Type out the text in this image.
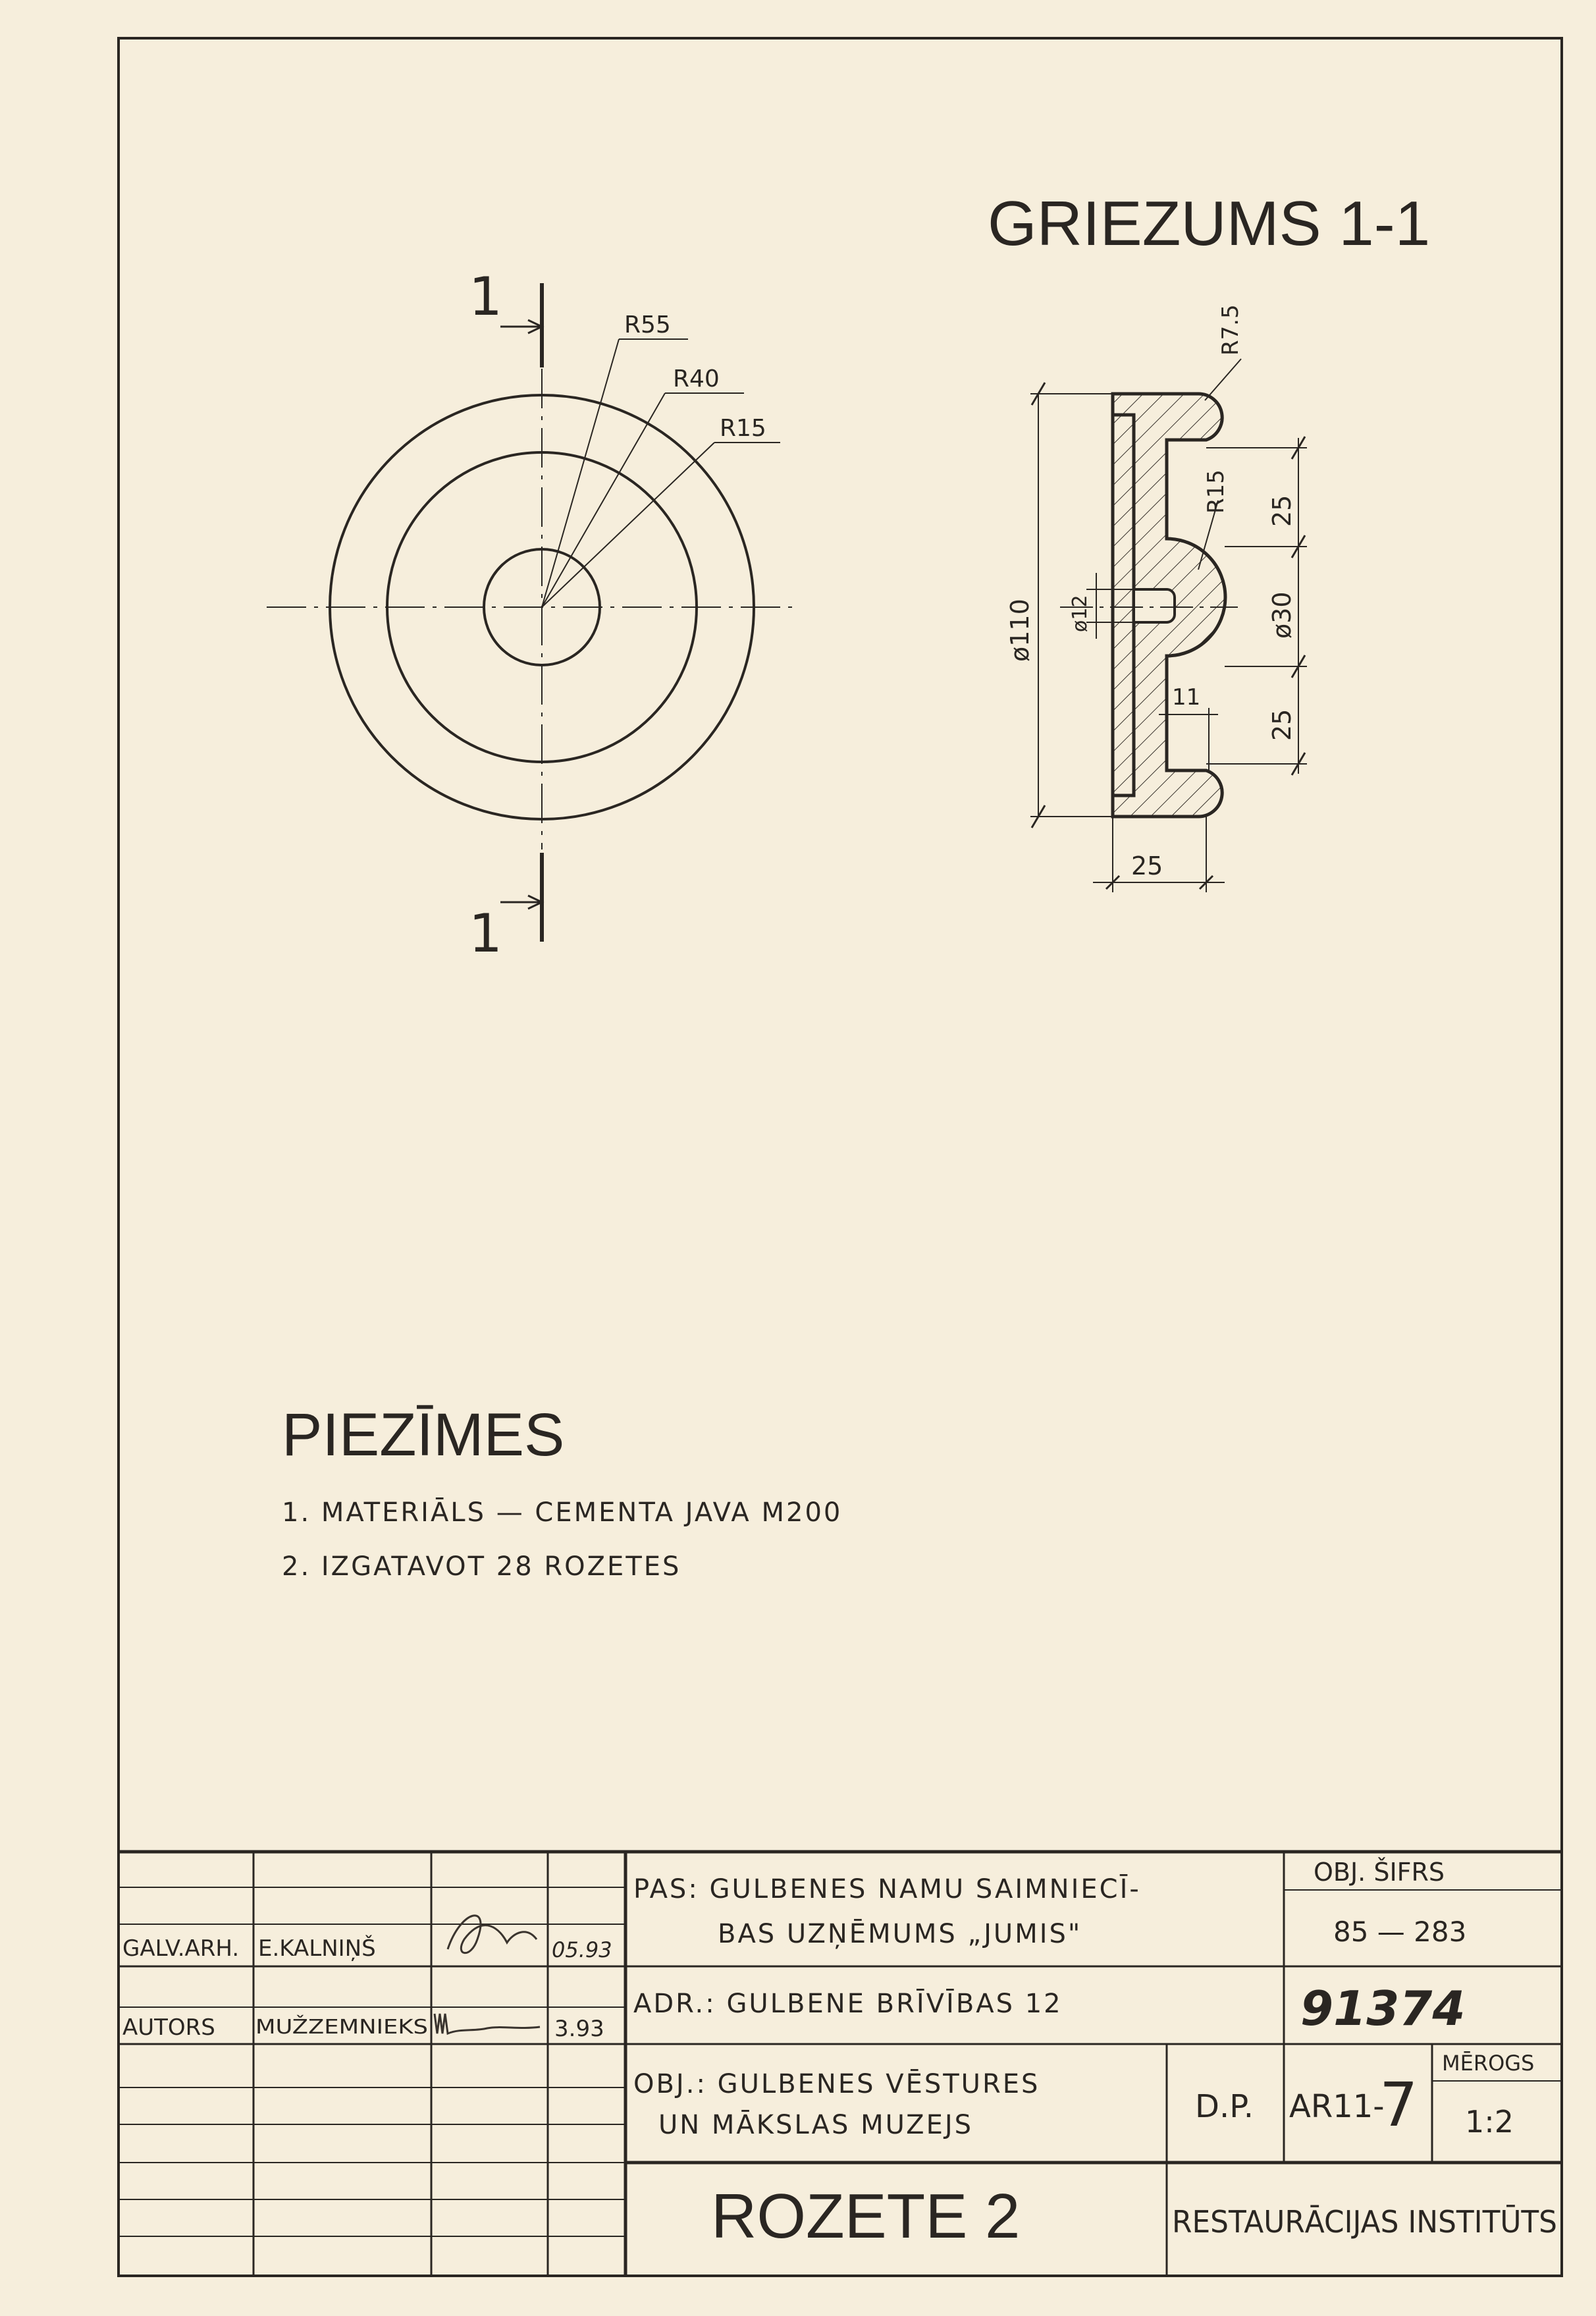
GRIEZUMS 1-1
R55
R40
R15
1
1
R7.5
R15
ø110 ø12	ø30
25
25
11
25
PIEZĪMES
1. MATERIĀLS — CEMENTA JAVA M200
2. IZGATAVOT 28 ROZETES
GALV.ARH. E.KALNIŅŠ	05.93
AUTORS MUŽZEMNIEKS	3.93
PAS: GULBENES NAMU SAIMNIECĪ-
BAS UZŅĒMUMS „JUMIS"
ADR.: GULBENE BRĪVĪBAS 12
OBJ.: GULBENES VĒSTURES
UN MĀKSLAS MUZEJS
ROZETE 2
OBJ. ŠIFRS
85 — 283
91374
D.P. AR11-
7
MĒROGS
1:2
RESTAURĀCIJAS INSTITŪTS
